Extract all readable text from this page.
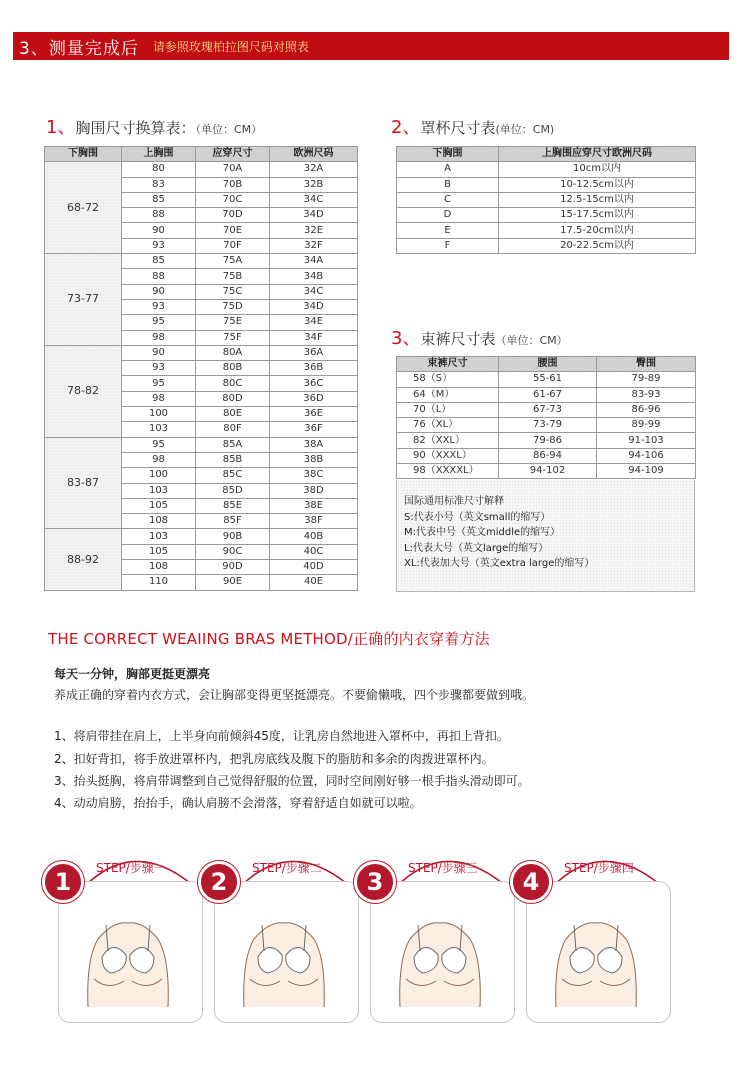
3、测量完成后 请参照玫瑰柏拉图尺码对照表
1、胸围尺寸换算表：（单位：CM）
下胸围	上胸围	应穿尺寸	欧洲尺码
68-72	80	70A	32A
	83	70B	32B
	85	70C	34C
	88	70D	34D
	90	70E	32E
	93	70F	32F
73-77	85	75A	34A
	88	75B	34B
	90	75C	34C
	93	75D	34D
	95	75E	34E
	98	75F	34F
78-82	90	80A	36A
	93	80B	36B
	95	80C	36C
	98	80D	36D
	100	80E	36E
	103	80F	36F
83-87	95	85A	38A
	98	85B	38B
	100	85C	38C
	103	85D	38D
	105	85E	38E
	108	85F	38F
88-92	103	90B	40B
	105	90C	40C
	108	90D	40D
	110	90E	40E
2、罩杯尺寸表(单位：CM)
下胸围	上胸围应穿尺寸欧洲尺码
A	10cm以内
B	10-12.5cm以内
C	12.5-15cm以内
D	15-17.5cm以内
E	17.5-20cm以内
F	20-22.5cm以内
3、束裤尺寸表（单位：CM）
束裤尺寸	腰围	臀围
58（S）	55-61	79-89
64（M）	61-67	83-93
70（L）	67-73	86-96
76（XL）	73-79	89-99
82（XXL）	79-86	91-103
90（XXXL）	86-94	94-106
98（XXXXL）	94-102	94-109
国际通用标准尺寸解释
S:代表小号（英文small的缩写）
M:代表中号（英文middle的缩写）
L:代表大号（英文large的缩写）
XL:代表加大号（英文extra large的缩写）
THE CORRECT WEAIING BRAS METHOD/正确的内衣穿着方法
每天一分钟，胸部更挺更漂亮
养成正确的穿着内衣方式，会让胸部变得更坚挺漂亮。不要偷懒哦，四个步骤都要做到哦。
1、将肩带挂在肩上，上半身向前倾斜45度，让乳房自然地进入罩杯中，再扣上背扣。
2、扣好背扣，将手放进罩杯内，把乳房底线及腹下的脂肪和多余的肉拨进罩杯内。
3、抬头挺胸，将肩带调整到自己觉得舒服的位置，同时空间刚好够一根手指头滑动即可。
4、动动肩膀，抬抬手，确认肩膀不会滑落，穿着舒适自如就可以啦。
1	STEP/步骤一	2	STEP/步骤二	3	STEP/步骤三	4	STEP/步骤四
